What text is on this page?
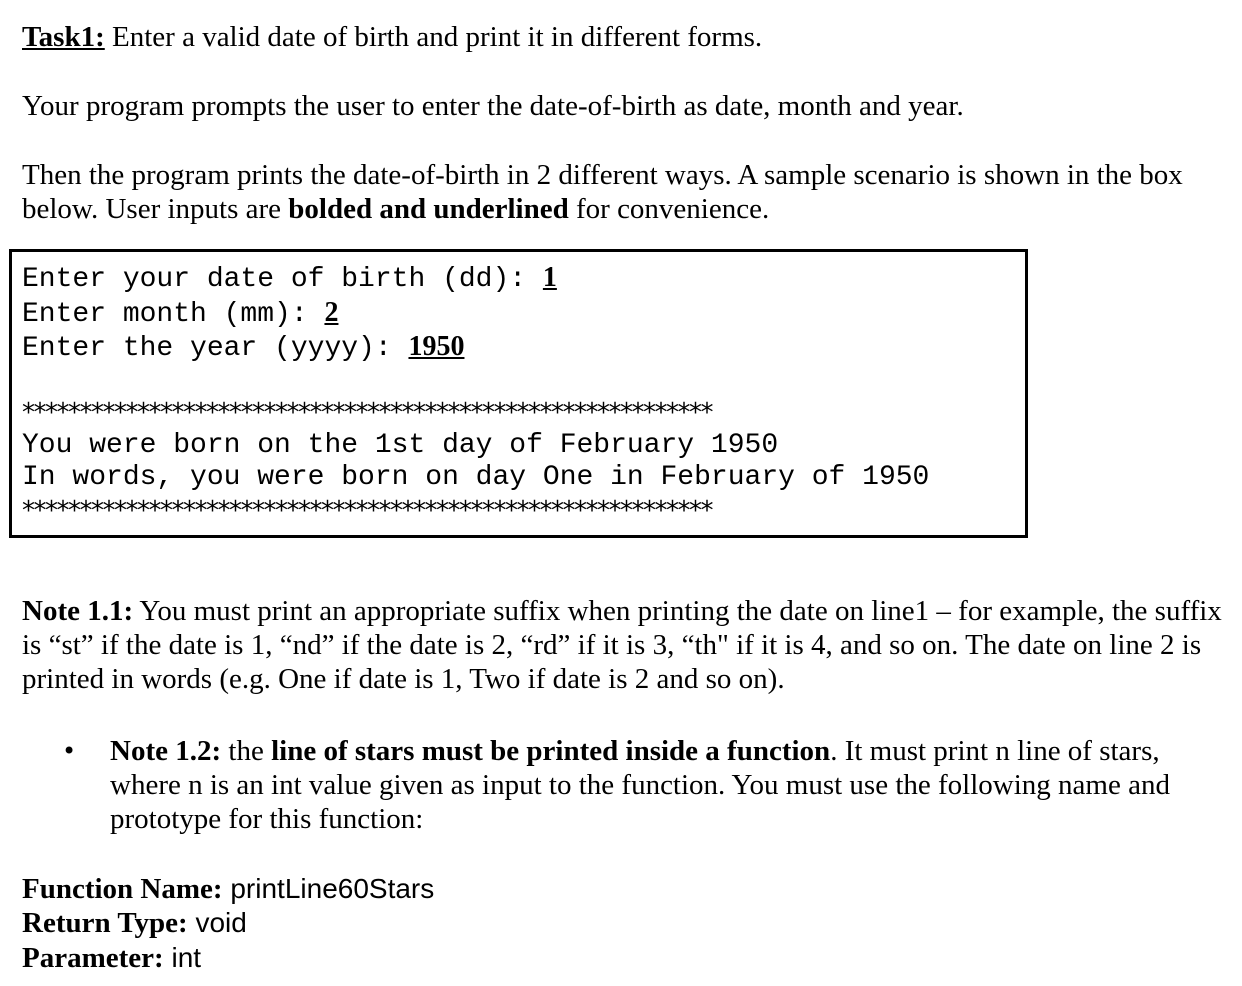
Task1: Enter a valid date of birth and print it in different forms.

Your program prompts the user to enter the date-of-birth as date, month and year.

Then the program prints the date-of-birth in 2 different ways. A sample scenario is shown in the box below. User inputs are bolded and underlined for convenience.

Enter your date of birth (dd): 1

Enter month (mm): 2

Enter the year (yyyy): 1950

************************************************************

You were born on the 1st day of February 1950

In words, you were born on day One in February of 1950

************************************************************

Note 1.1: You must print an appropriate suffix when printing the date on line1 – for example, the suffix is “st” if the date is 1, “nd” if the date is 2, “rd” if it is 3, “th" if it is 4, and so on. The date on line 2 is printed in words (e.g. One if date is 1, Two if date is 2 and so on).

• Note 1.2: the line of stars must be printed inside a function. It must print n line of stars, where n is an int value given as input to the function. You must use the following name and prototype for this function:

Function Name: printLine60Stars

Return Type: void

Parameter: int
